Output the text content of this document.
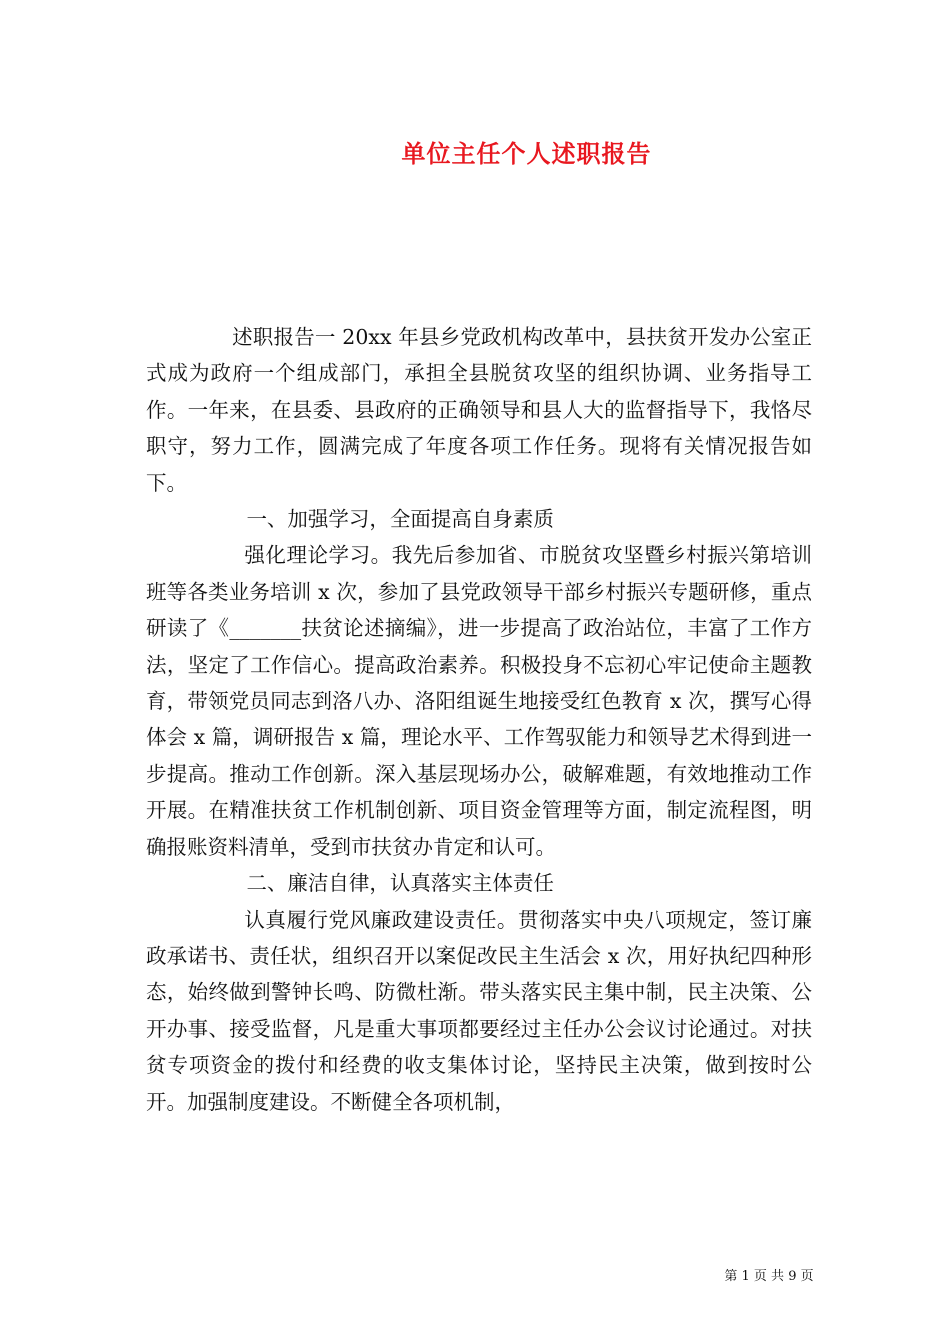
单位主任个人述职报告

述职报告一 20xx 年县乡党政机构改革中，县扶贫开发办公室正式成为政府一个组成部门，承担全县脱贫攻坚的组织协调、业务指导工作。一年来，在县委、县政府的正确领导和县人大的监督指导下，我恪尽职守，努力工作，圆满完成了年度各项工作任务。现将有关情况报告如下。

一、加强学习，全面提高自身素质

强化理论学习。我先后参加省、市脱贫攻坚暨乡村振兴第培训班等各类业务培训 x 次，参加了县党政领导干部乡村振兴专题研修，重点研读了《_______扶贫论述摘编》，进一步提高了政治站位，丰富了工作方法，坚定了工作信心。提高政治素养。积极投身不忘初心牢记使命主题教育，带领党员同志到洛八办、洛阳组诞生地接受红色教育 x 次，撰写心得体会 x 篇，调研报告 x 篇，理论水平、工作驾驭能力和领导艺术得到进一步提高。推动工作创新。深入基层现场办公，破解难题，有效地推动工作开展。在精准扶贫工作机制创新、项目资金管理等方面，制定流程图，明确报账资料清单，受到市扶贫办肯定和认可。

二、廉洁自律，认真落实主体责任

认真履行党风廉政建设责任。贯彻落实中央八项规定，签订廉政承诺书、责任状，组织召开以案促改民主生活会 x 次，用好执纪四种形态，始终做到警钟长鸣、防微杜渐。带头落实民主集中制，民主决策、公开办事、接受监督，凡是重大事项都要经过主任办公会议讨论通过。对扶贫专项资金的拨付和经费的收支集体讨论，坚持民主决策，做到按时公开。加强制度建设。不断健全各项机制，

第 1 页 共 9 页
